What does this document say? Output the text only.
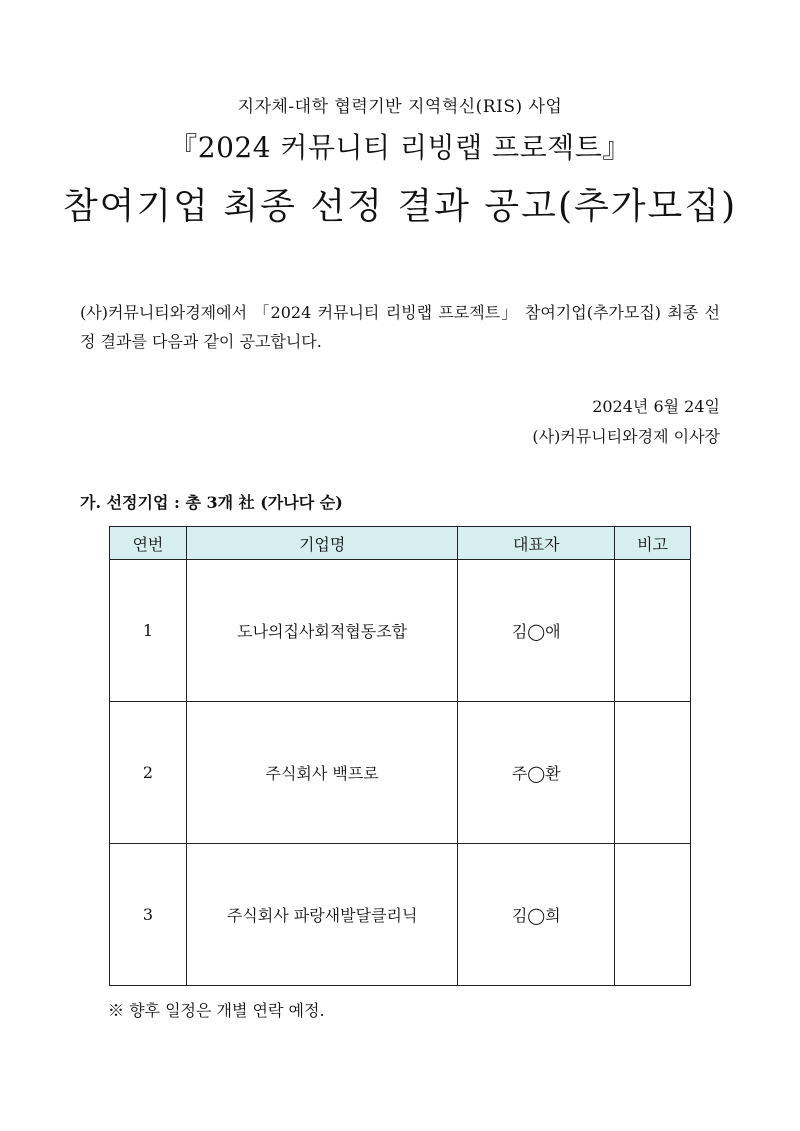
지자체-대학 협력기반 지역혁신(RIS) 사업
『2024 커뮤니티 리빙랩 프로젝트』
참여기업 최종 선정 결과 공고(추가모집)
(사)커뮤니티와경제에서 「2024 커뮤니티 리빙랩 프로젝트」 참여기업(추가모집) 최종 선정 결과를 다음과 같이 공고합니다.
2024년 6월 24일
(사)커뮤니티와경제 이사장
가. 선정기업 : 총 3개 社 (가나다 순)
연번	기업명	대표자	비고
1	도나의집사회적협동조합	김◯애	
2	주식회사 백프로	주◯환	
3	주식회사 파랑새발달클리닉	김◯희	
※ 향후 일정은 개별 연락 예정.
